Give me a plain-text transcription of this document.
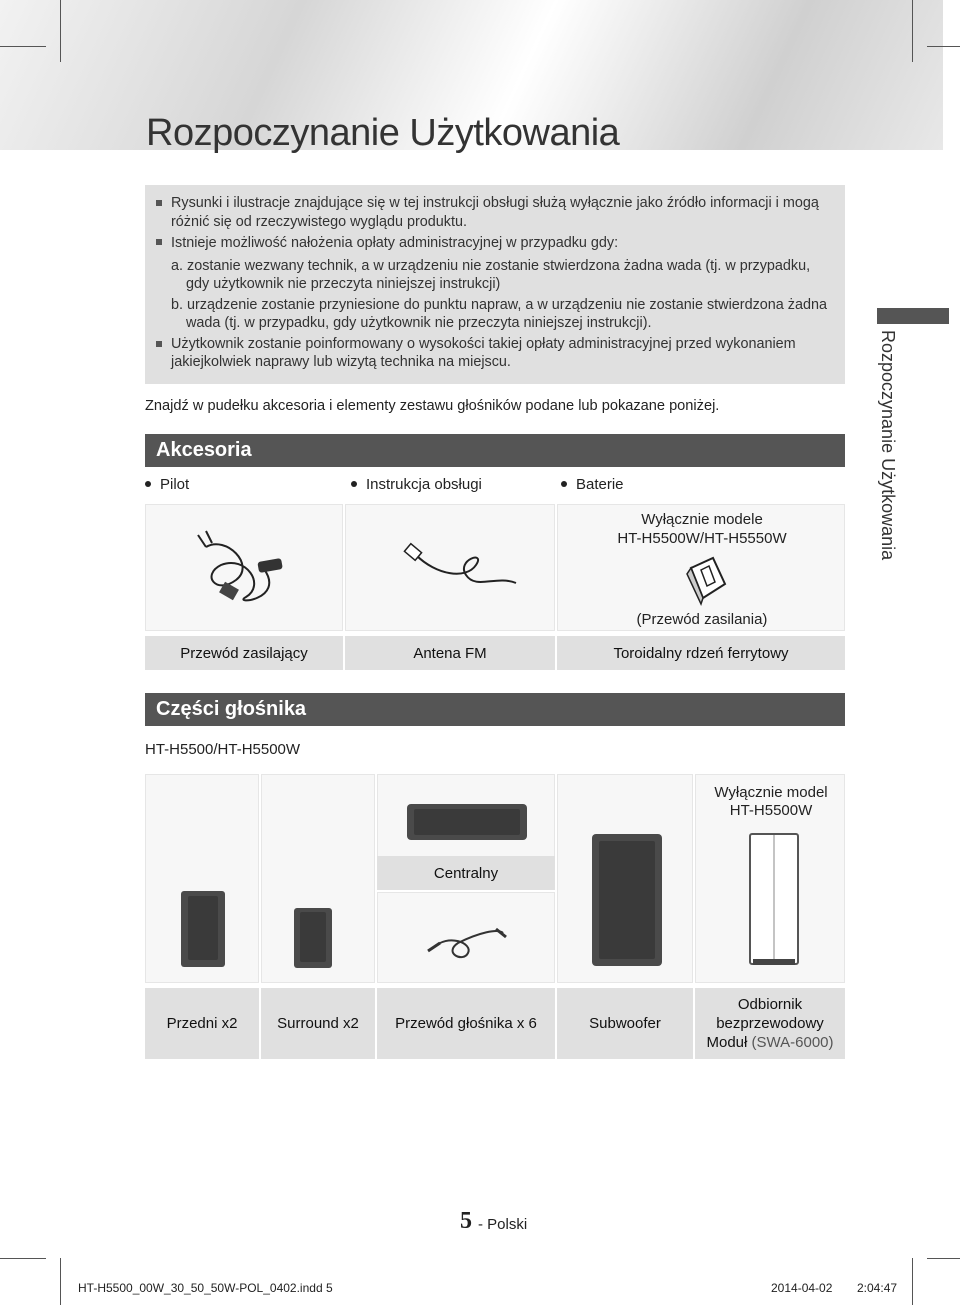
Rozpoczynanie Użytkowania
Rysunki i ilustracje znajdujące się w tej instrukcji obsługi służą wyłącznie jako źródło informacji i mogą
różnić się od rzeczywistego wyglądu produktu.
Istnieje możliwość nałożenia opłaty administracyjnej w przypadku gdy:
a. zostanie wezwany technik, a w urządzeniu nie zostanie stwierdzona żadna wada (tj. w przypadku,
gdy użytkownik nie przeczyta niniejszej instrukcji)
b. urządzenie zostanie przyniesione do punktu napraw, a w urządzeniu nie zostanie stwierdzona żadna
wada (tj. w przypadku, gdy użytkownik nie przeczyta niniejszej instrukcji).
Użytkownik zostanie poinformowany o wysokości takiej opłaty administracyjnej przed wykonaniem
jakiejkolwiek naprawy lub wizytą technika na miejscu.
Znajdź w pudełku akcesoria i elementy zestawu głośników podane lub pokazane poniżej.
Akcesoria
Pilot	Instrukcja obsługi	Baterie
Wyłącznie modele
HT-H5500W/HT-H5550W
(Przewód zasilania)
Przewód zasilający	Antena FM	Toroidalny rdzeń ferrytowy
Części głośnika
HT-H5500/HT-H5500W
Centralny
Wyłącznie model
HT-H5500W
Przedni x2	Surround x2	Przewód głośnika x 6	Subwoofer
Odbiornik
bezprzewodowy
Moduł (SWA-6000)
Rozpoczynanie Użytkowania
5 - Polski
HT-H5500_00W_30_50_50W-POL_0402.indd 5	2014-04-02 2:04:47
